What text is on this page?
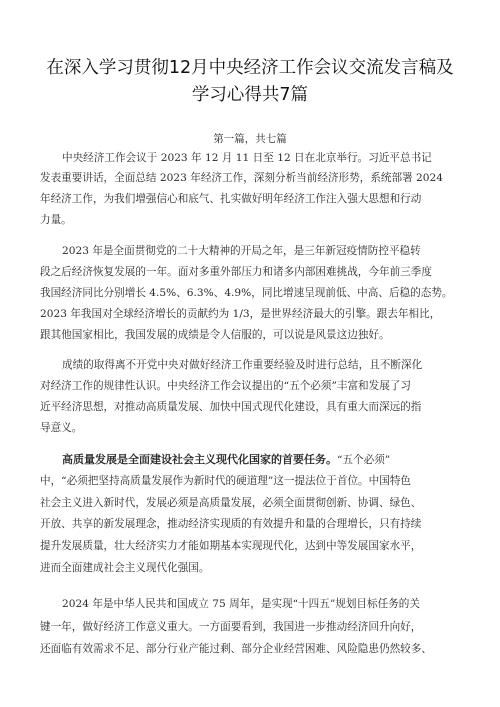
在深入学习贯彻12月中央经济工作会议交流发言稿及
学习心得共7篇
第一篇，共七篇
中央经济工作会议于 2023 年 12 月 11 日至 12 日在北京举行。习近平总书记
发表重要讲话，全面总结 2023 年经济工作，深刻分析当前经济形势，系统部署 2024
年经济工作，为我们增强信心和底气、扎实做好明年经济工作注入强大思想和行动
力量。
2023 年是全面贯彻党的二十大精神的开局之年，是三年新冠疫情防控平稳转
段之后经济恢复发展的一年。面对多重外部压力和诸多内部困难挑战，今年前三季度
我国经济同比分别增长 4.5%、6.3%、4.9%，同比增速呈现前低、中高、后稳的态势。
2023 年我国对全球经济增长的贡献约为 1/3，是世界经济最大的引擎。跟去年相比，
跟其他国家相比，我国发展的成绩是令人信服的，可以说是风景这边独好。
成绩的取得离不开党中央对做好经济工作重要经验及时进行总结，且不断深化
对经济工作的规律性认识。中央经济工作会议提出的“五个必须”丰富和发展了习
近平经济思想，对推动高质量发展、加快中国式现代化建设，具有重大而深远的指
导意义。
高质量发展是全面建设社会主义现代化国家的首要任务。“五个必须”
中，“必须把坚持高质量发展作为新时代的硬道理”这一提法位于首位。中国特色
社会主义进入新时代，发展必须是高质量发展，必须全面贯彻创新、协调、绿色、
开放、共享的新发展理念，推动经济实现质的有效提升和量的合理增长，只有持续
提升发展质量，壮大经济实力才能如期基本实现现代化，达到中等发展国家水平，
进而全面建成社会主义现代化强国。
2024 年是中华人民共和国成立 75 周年，是实现“十四五”规划目标任务的关
键一年，做好经济工作意义重大。一方面要看到，我国进一步推动经济回升向好，
还面临有效需求不足、部分行业产能过剩、部分企业经营困难、风险隐患仍然较多、
